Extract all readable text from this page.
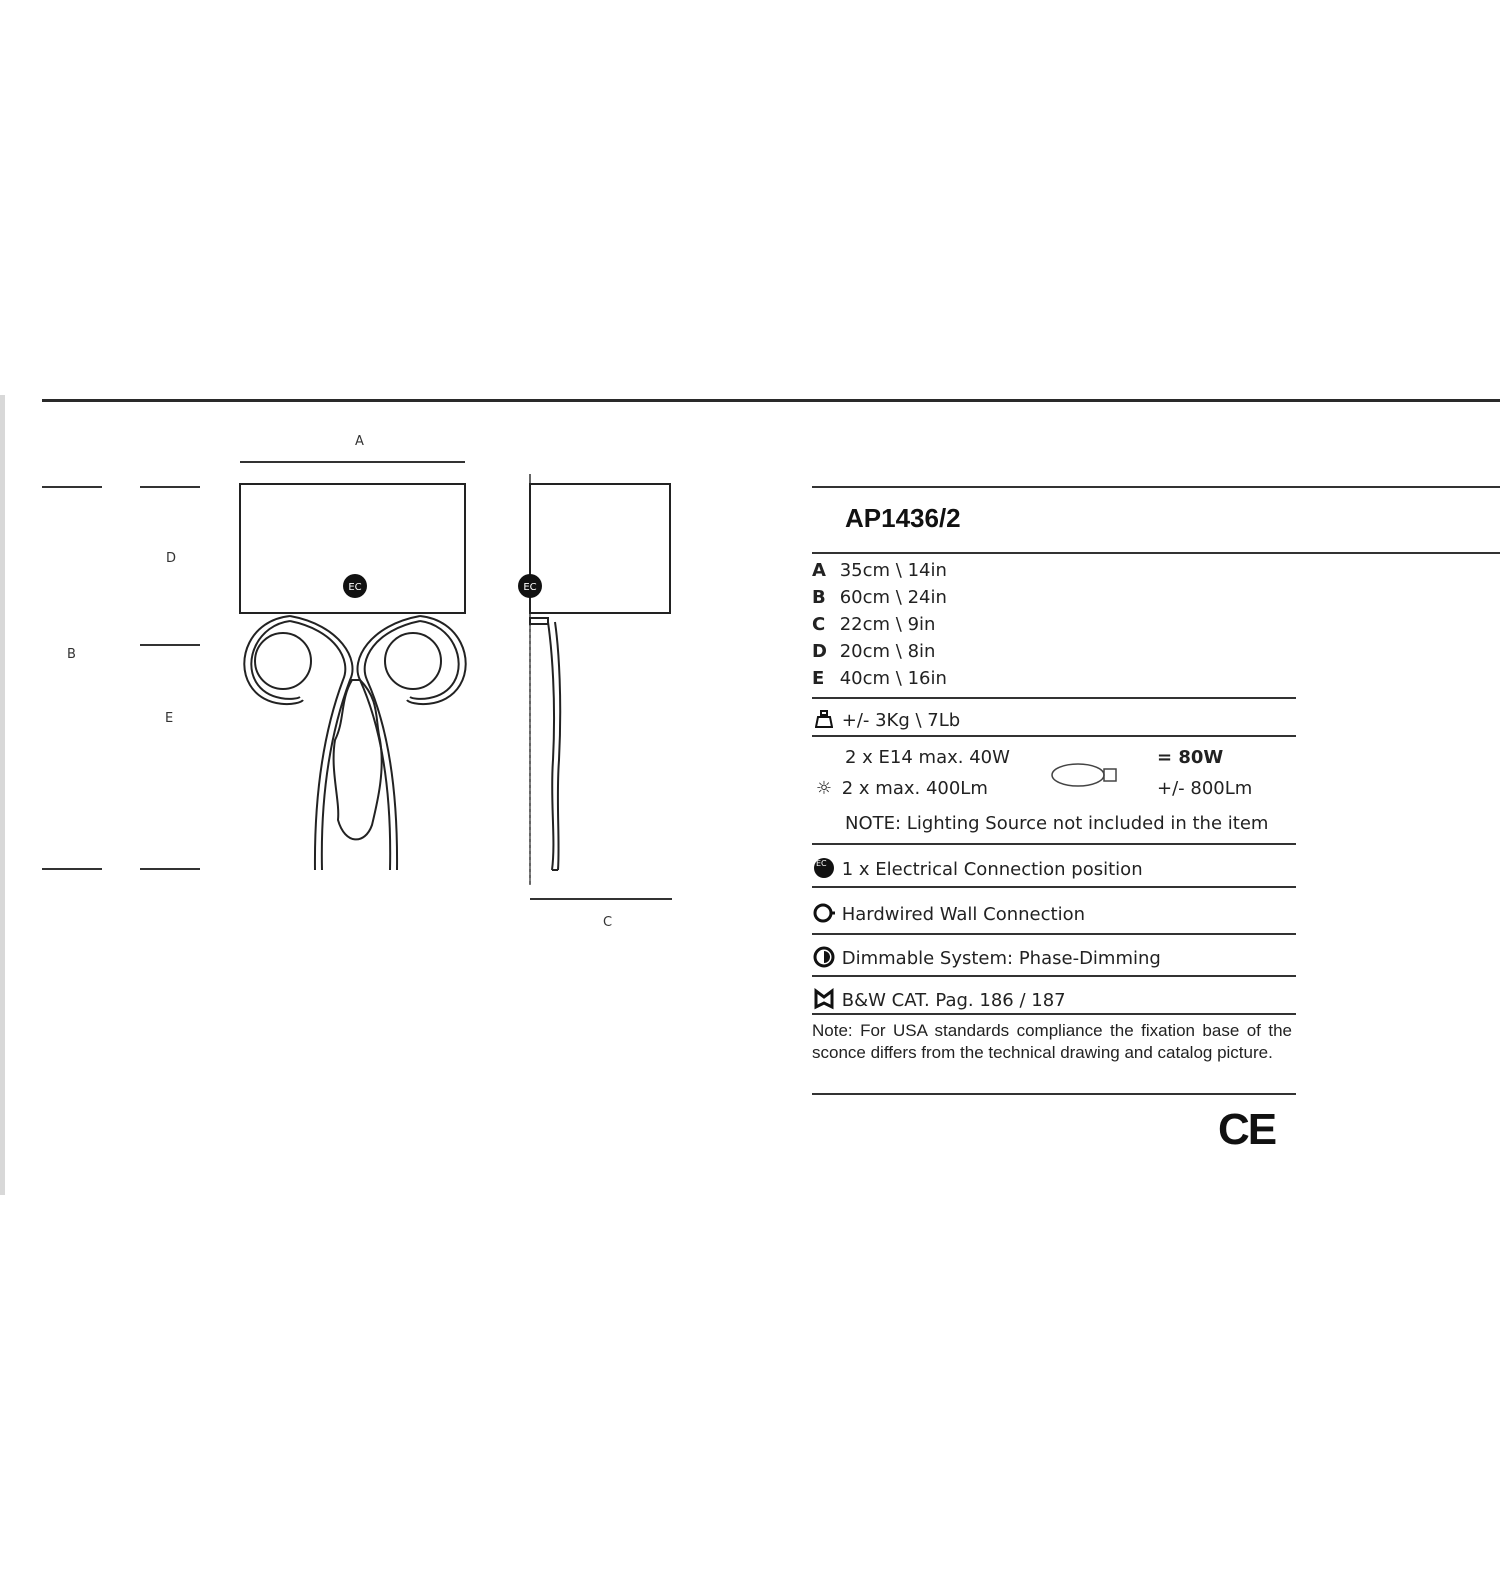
EC	EC
A
D
B
E
C
AP1436/2
A 35cm \ 14in
B 60cm \ 24in
C 22cm \ 9in
D 20cm \ 8in
E 40cm \ 16in
+/- 3Kg \ 7Lb
2 x E14 max. 40W
☼ 2 x max. 400Lm
= 80W
+/- 800Lm
NOTE: Lighting Source not included in the item
EC 1 x Electrical Connection position
Hardwired Wall Connection
Dimmable System: Phase-Dimming
B&W CAT. Pag. 186 / 187
Note: For USA standards compliance the fixation base of the sconce differs from the technical drawing and catalog picture.
CE
